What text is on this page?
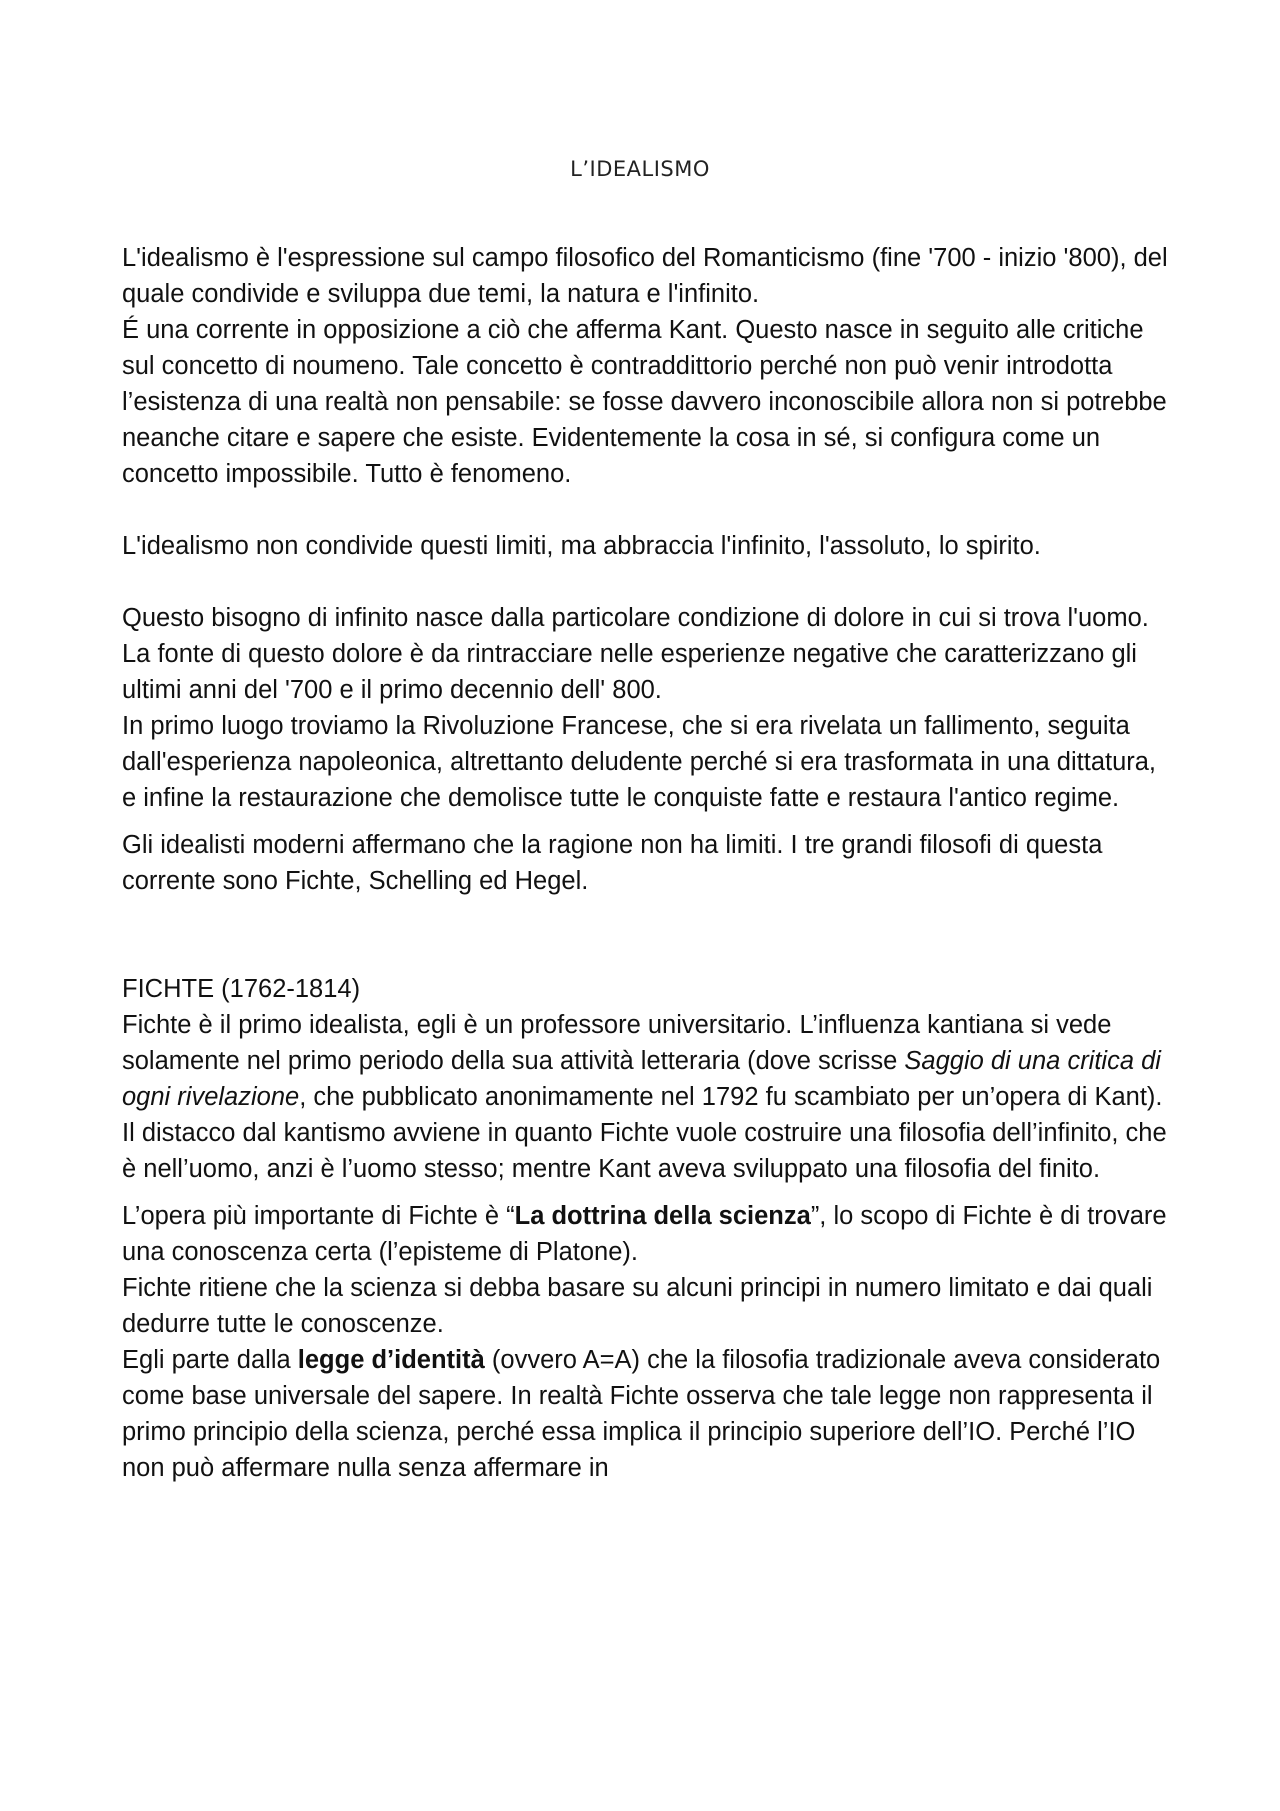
L’IDEALISMO

L'idealismo è l'espressione sul campo filosofico del Romanticismo (fine '700 - inizio '800), del quale condivide e sviluppa due temi, la natura e l'infinito.

É una corrente in opposizione a ciò che afferma Kant. Questo nasce in seguito alle critiche sul concetto di noumeno. Tale concetto è contraddittorio perché non può venir introdotta l’esistenza di una realtà non pensabile: se fosse davvero inconoscibile allora non si potrebbe neanche citare e sapere che esiste. Evidentemente la cosa in sé, si configura come un concetto impossibile. Tutto è fenomeno.

L'idealismo non condivide questi limiti, ma abbraccia l'infinito, l'assoluto, lo spirito.

Questo bisogno di infinito nasce dalla particolare condizione di dolore in cui si trova l'uomo.

La fonte di questo dolore è da rintracciare nelle esperienze negative che caratterizzano gli ultimi anni del '700 e il primo decennio dell' 800.

In primo luogo troviamo la Rivoluzione Francese, che si era rivelata un fallimento, seguita dall'esperienza napoleonica, altrettanto deludente perché si era trasformata in una dittatura, e infine la restaurazione che demolisce tutte le conquiste fatte e restaura l'antico regime.

Gli idealisti moderni affermano che la ragione non ha limiti. I tre grandi filosofi di questa corrente sono Fichte, Schelling ed Hegel.

FICHTE (1762-1814)

Fichte è il primo idealista, egli è un professore universitario. L’influenza kantiana si vede solamente nel primo periodo della sua attività letteraria (dove scrisse Saggio di una critica di ogni rivelazione, che pubblicato anonimamente nel 1792 fu scambiato per un’opera di Kant). Il distacco dal kantismo avviene in quanto Fichte vuole costruire una filosofia dell’infinito, che è nell’uomo, anzi è l’uomo stesso; mentre Kant aveva sviluppato una filosofia del finito.

L’opera più importante di Fichte è “La dottrina della scienza”, lo scopo di Fichte è di trovare una conoscenza certa (l’episteme di Platone).

Fichte ritiene che la scienza si debba basare su alcuni principi in numero limitato e dai quali dedurre tutte le conoscenze.

Egli parte dalla legge d’identità (ovvero A=A) che la filosofia tradizionale aveva considerato come base universale del sapere. In realtà Fichte osserva che tale legge non rappresenta il primo principio della scienza, perché essa implica il principio superiore dell’IO. Perché l’IO non può affermare nulla senza affermare in
